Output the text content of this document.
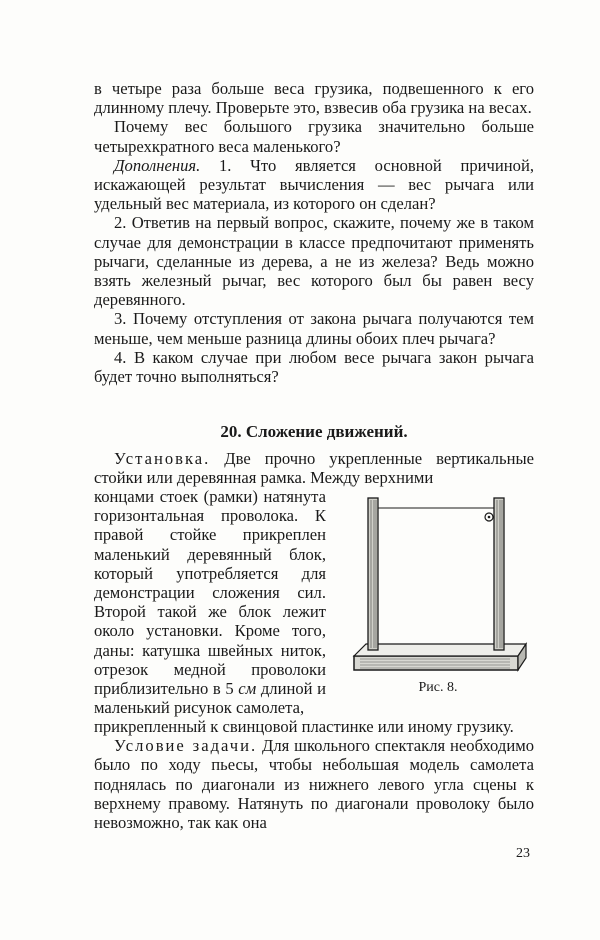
в четыре раза больше веса грузика, подвешенного к его длинному плечу. Проверьте это, взвесив оба грузика на весах.

Почему вес большого грузика значительно больше четырехкратного веса маленького?

Дополнения. 1. Что является основной причиной, искажающей результат вычисления — вес рычага или удельный вес материала, из которого он сделан?

2. Ответив на первый вопрос, скажите, почему же в таком случае для демонстрации в классе предпочитают применять рычаги, сделанные из дерева, а не из железа? Ведь можно взять железный рычаг, вес которого был бы равен весу деревянного.

3. Почему отступления от закона рычага получаются тем меньше, чем меньше разница длины обоих плеч рычага?

4. В каком случае при любом весе рычага закон рычага будет точно выполняться?

20. Сложение движений.

Установка. Две прочно укрепленные вертикальные стойки или деревянная рамка. Между верхними

концами стоек (рамки) натянута горизонтальная проволока. К правой стойке прикреплен маленький деревянный блок, который употребляется для демонстрации сложения сил. Второй такой же блок лежит около установки. Кроме того, даны: катушка швейных ниток, отрезок медной проволоки приблизительно в 5 см длиной и маленький рисунок самолета,

Рис. 8.

прикрепленный к свинцовой пластинке или иному грузику.

Условие задачи. Для школьного спектакля необходимо было по ходу пьесы, чтобы небольшая модель самолета поднялась по диагонали из нижнего левого угла сцены к верхнему правому. Натянуть по диагонали проволоку было невозможно, так как она

23
